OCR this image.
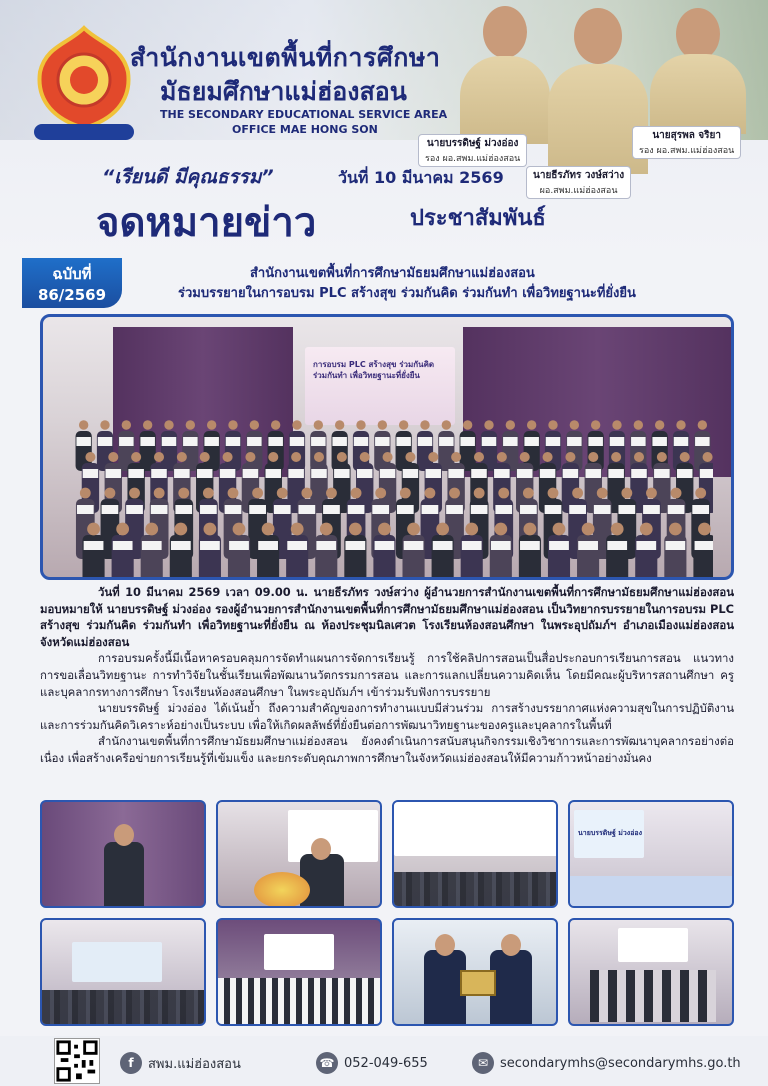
สำนักงานเขตพื้นที่การศึกษา
มัธยมศึกษาแม่ฮ่องสอน
THE SECONDARY EDUCATIONAL SERVICE AREA
OFFICE MAE HONG SON
นายบรรดิษฐ์ ม่วงอ่อง
รอง ผอ.สพม.แม่ฮ่องสอน
นายธีรภัทร วงษ์สว่าง
ผอ.สพม.แม่ฮ่องสอน
นายสุรพล จริยา
รอง ผอ.สพม.แม่ฮ่องสอน
“เรียนดี มีคุณธรรม”	วันที่ 10 มีนาคม 2569
จดหมายข่าว	ประชาสัมพันธ์
ฉบับที่
86/2569
สำนักงานเขตพื้นที่การศึกษามัธยมศึกษาแม่ฮ่องสอน
ร่วมบรรยายในการอบรม PLC สร้างสุข ร่วมกันคิด ร่วมกันทำ เพื่อวิทยฐานะที่ยั่งยืน
การอบรม PLC สร้างสุข ร่วมกันคิด ร่วมกันทำ เพื่อวิทยฐานะที่ยั่งยืน

วันที่ 10 มีนาคม 2569 เวลา 09.00 น. นายธีรภัทร วงษ์สว่าง ผู้อำนวยการสำนักงานเขตพื้นที่การศึกษามัธยมศึกษาแม่ฮ่องสอน มอบหมายให้ นายบรรดิษฐ์ ม่วงอ่อง รองผู้อำนวยการสำนักงานเขตพื้นที่การศึกษามัธยมศึกษาแม่ฮ่องสอน เป็นวิทยากรบรรยายในการอบรม PLC สร้างสุข ร่วมกันคิด ร่วมกันทำ เพื่อวิทยฐานะที่ยั่งยืน ณ ห้องประชุมนิลเศวต โรงเรียนห้องสอนศึกษา ในพระอุปถัมภ์ฯ อำเภอเมืองแม่ฮ่องสอน จังหวัดแม่ฮ่องสอน

การอบรมครั้งนี้มีเนื้อหาครอบคลุมการจัดทำแผนการจัดการเรียนรู้ การใช้คลิปการสอนเป็นสื่อประกอบการเรียนการสอน แนวทางการขอเลื่อนวิทยฐานะ การทำวิจัยในชั้นเรียนเพื่อพัฒนานวัตกรรมการสอน และการแลกเปลี่ยนความคิดเห็น โดยมีคณะผู้บริหารสถานศึกษา ครูและบุคลากรทางการศึกษา โรงเรียนห้องสอนศึกษา ในพระอุปถัมภ์ฯ เข้าร่วมรับฟังการบรรยาย

นายบรรดิษฐ์ ม่วงอ่อง ได้เน้นย้ำ ถึงความสำคัญของการทำงานแบบมีส่วนร่วม การสร้างบรรยากาศแห่งความสุขในการปฏิบัติงาน และการร่วมกันคิดวิเคราะห์อย่างเป็นระบบ เพื่อให้เกิดผลลัพธ์ที่ยั่งยืนต่อการพัฒนาวิทยฐานะของครูและบุคลากรในพื้นที่

สำนักงานเขตพื้นที่การศึกษามัธยมศึกษาแม่ฮ่องสอน ยังคงดำเนินการสนับสนุนกิจกรรมเชิงวิชาการและการพัฒนาบุคลากรอย่างต่อเนื่อง เพื่อสร้างเครือข่ายการเรียนรู้ที่เข้มแข็ง และยกระดับคุณภาพการศึกษาในจังหวัดแม่ฮ่องสอนให้มีความก้าวหน้าอย่างมั่นคง

นายบรรดิษฐ์ ม่วงอ่อง
f	สพม.แม่ฮ่องสอน	☎ 052-049-655	✉ secondarymhs@secondarymhs.go.th
